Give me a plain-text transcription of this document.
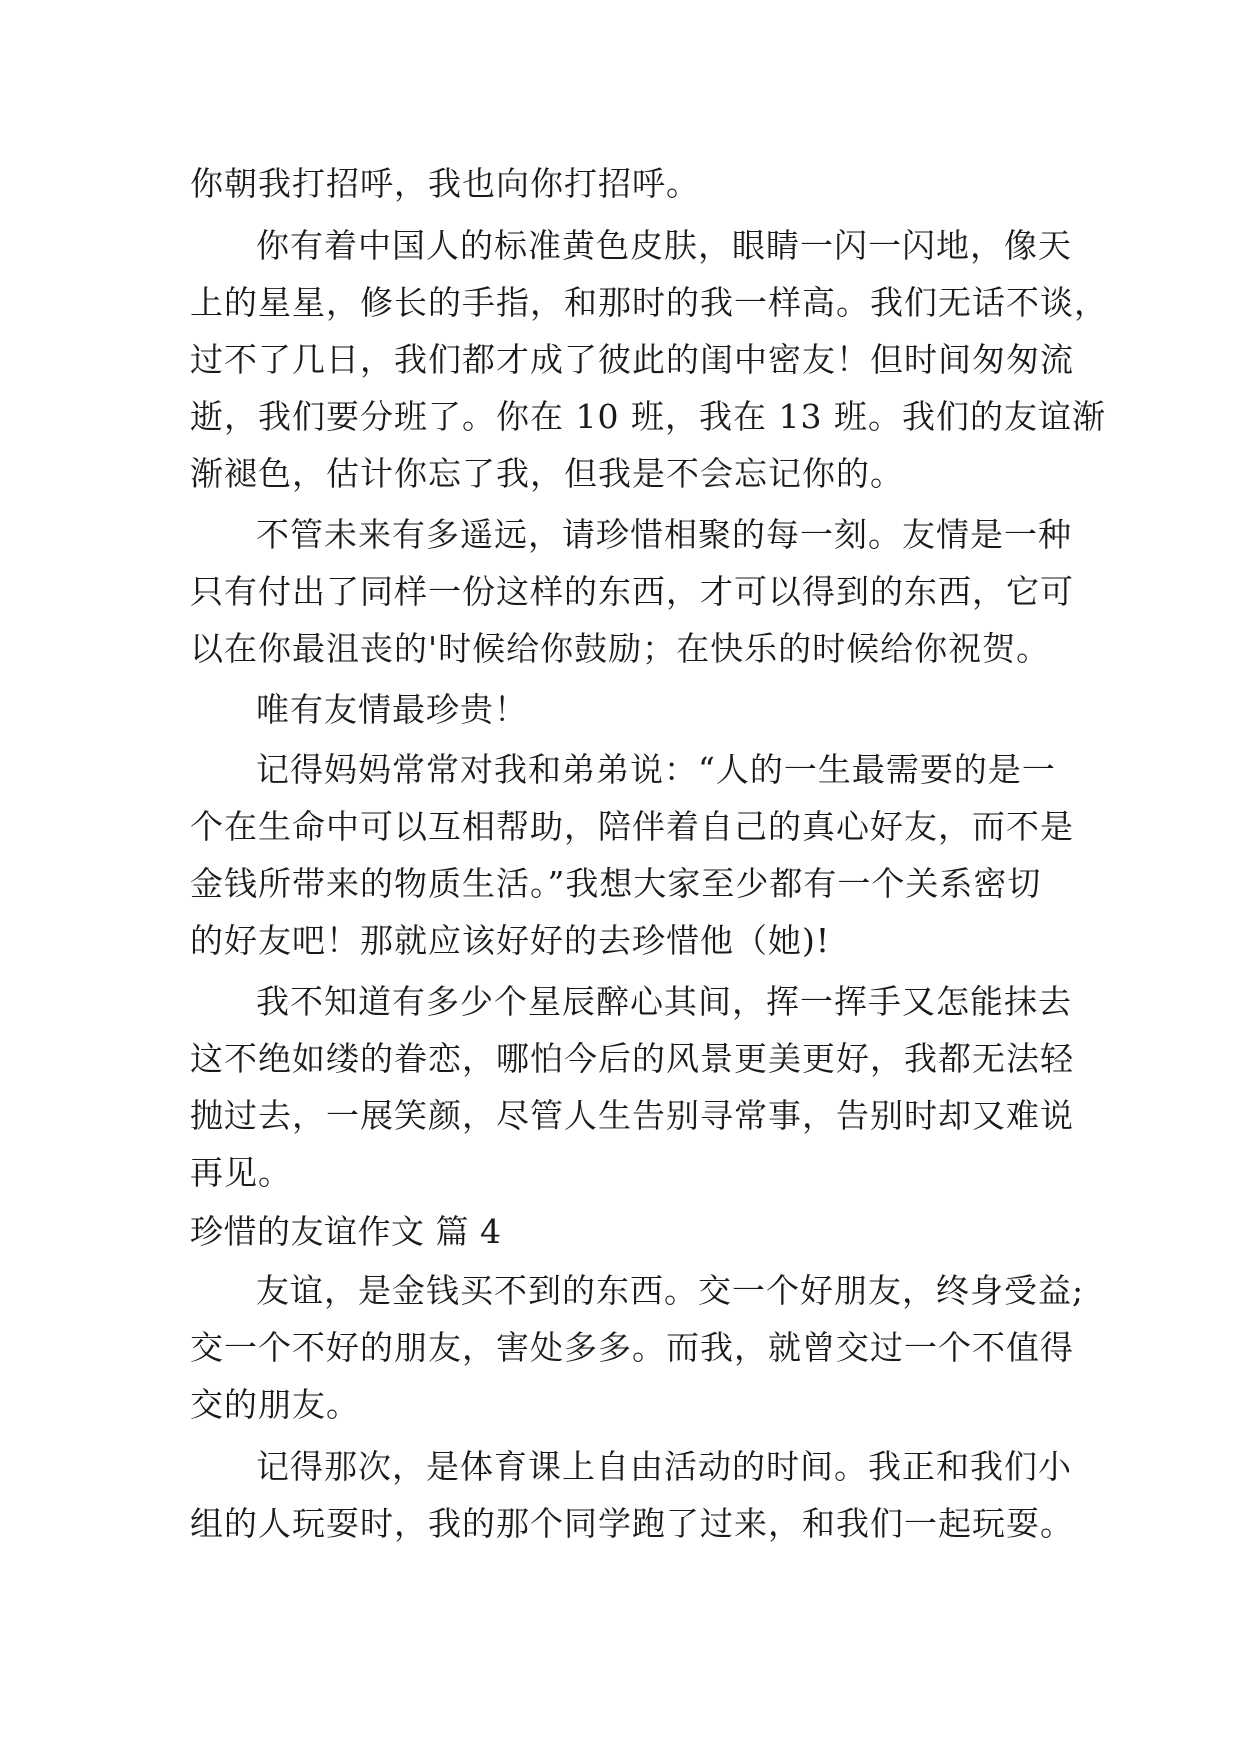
你朝我打招呼，我也向你打招呼。
你有着中国人的标准黄色皮肤，眼睛一闪一闪地，像天
上的星星，修长的手指，和那时的我一样高。我们无话不谈，
过不了几日，我们都才成了彼此的闺中密友！但时间匆匆流
逝，我们要分班了。你在 10 班，我在 13 班。我们的友谊渐
渐褪色，估计你忘了我，但我是不会忘记你的。
不管未来有多遥远，请珍惜相聚的每一刻。友情是一种
只有付出了同样一份这样的东西，才可以得到的东西，它可
以在你最沮丧的'时候给你鼓励；在快乐的时候给你祝贺。
唯有友情最珍贵！
记得妈妈常常对我和弟弟说：“人的一生最需要的是一
个在生命中可以互相帮助，陪伴着自己的真心好友，而不是
金钱所带来的物质生活。”我想大家至少都有一个关系密切
的好友吧！那就应该好好的去珍惜他（她)!
我不知道有多少个星辰醉心其间，挥一挥手又怎能抹去
这不绝如缕的眷恋，哪怕今后的风景更美更好，我都无法轻
抛过去，一展笑颜，尽管人生告别寻常事，告别时却又难说
再见。
珍惜的友谊作文 篇 4
友谊，是金钱买不到的东西。交一个好朋友，终身受益;
交一个不好的朋友，害处多多。而我，就曾交过一个不值得
交的朋友。
记得那次，是体育课上自由活动的时间。我正和我们小
组的人玩耍时，我的那个同学跑了过来，和我们一起玩耍。
